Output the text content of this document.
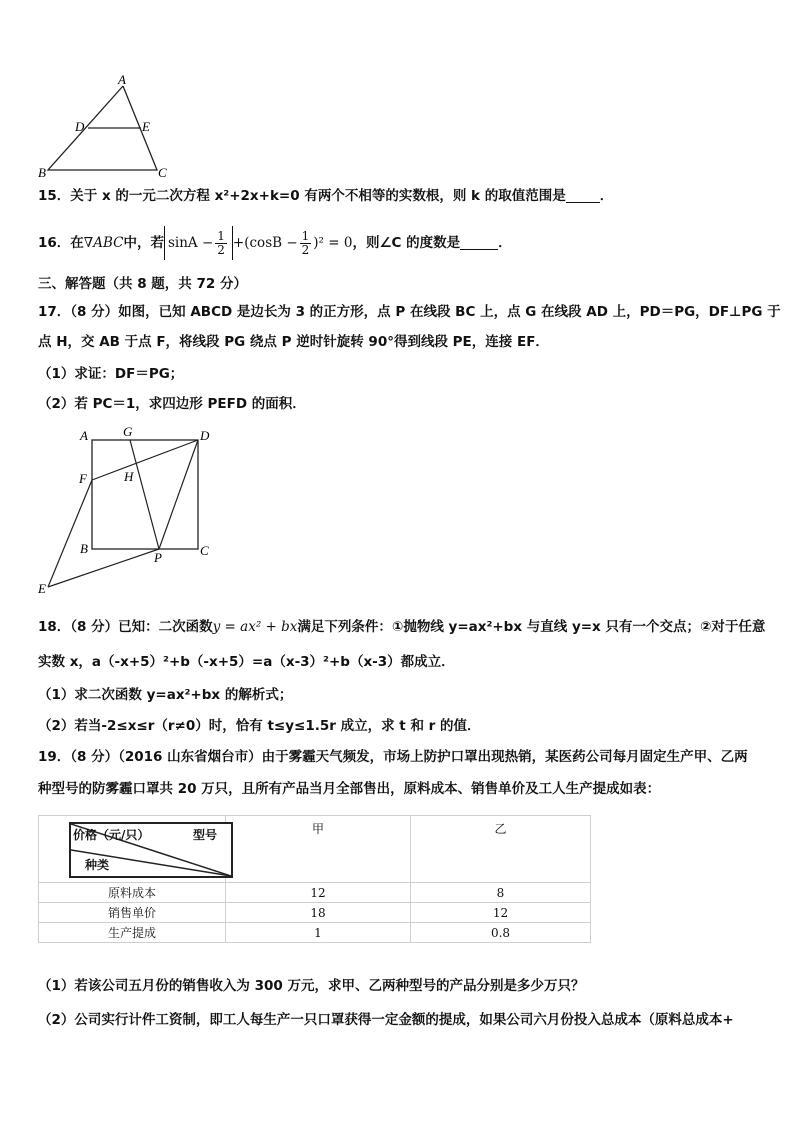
A
D	E
B	C
15．关于 x 的一元二次方程 x²+2x+k=0 有两个不相等的实数根，则 k 的取值范围是	．
16．在∇ABC中，若 $\sin A - \frac{1}{2} +(\cos B - \frac{1}{2} )^2 = 0$，则∠C 的度数是	．
三、解答题（共 8 题，共 72 分）
17．（8 分）如图，已知 ABCD 是边长为 3 的正方形，点 P 在线段 BC 上，点 G 在线段 AD 上，PD＝PG，DF⊥PG 于
点 H，交 AB 于点 F，将线段 PG 绕点 P 逆时针旋转 90°得到线段 PE，连接 EF．
（1）求证：DF＝PG；
（2）若 PC＝1，求四边形 PEFD 的面积．
A	G	D
F	H
B
P	C
E
18．（8 分）已知：二次函数y = ax² + bx满足下列条件：①抛物线 y=ax²+bx 与直线 y=x 只有一个交点；②对于任意
实数 x，a（-x+5）²+b（-x+5）=a（x-3）²+b（x-3）都成立．
（1）求二次函数 y=ax²+bx 的解析式；
（2）若当-2≤x≤r（r≠0）时，恰有 t≤y≤1.5r 成立，求 t 和 r 的值．
19．（8 分）（2016 山东省烟台市）由于雾霾天气频发，市场上防护口罩出现热销，某医药公司每月固定生产甲、乙两
种型号的防雾霾口罩共 20 万只，且所有产品当月全部售出，原料成本、销售单价及工人生产提成如表：
价格（元/只） 型号
种类	甲	乙
原料成本	12	8
销售单价	18	12
生产提成	1	0.8
（1）若该公司五月份的销售收入为 300 万元，求甲、乙两种型号的产品分别是多少万只？
（2）公司实行计件工资制，即工人每生产一只口罩获得一定金额的提成，如果公司六月份投入总成本（原料总成本+
